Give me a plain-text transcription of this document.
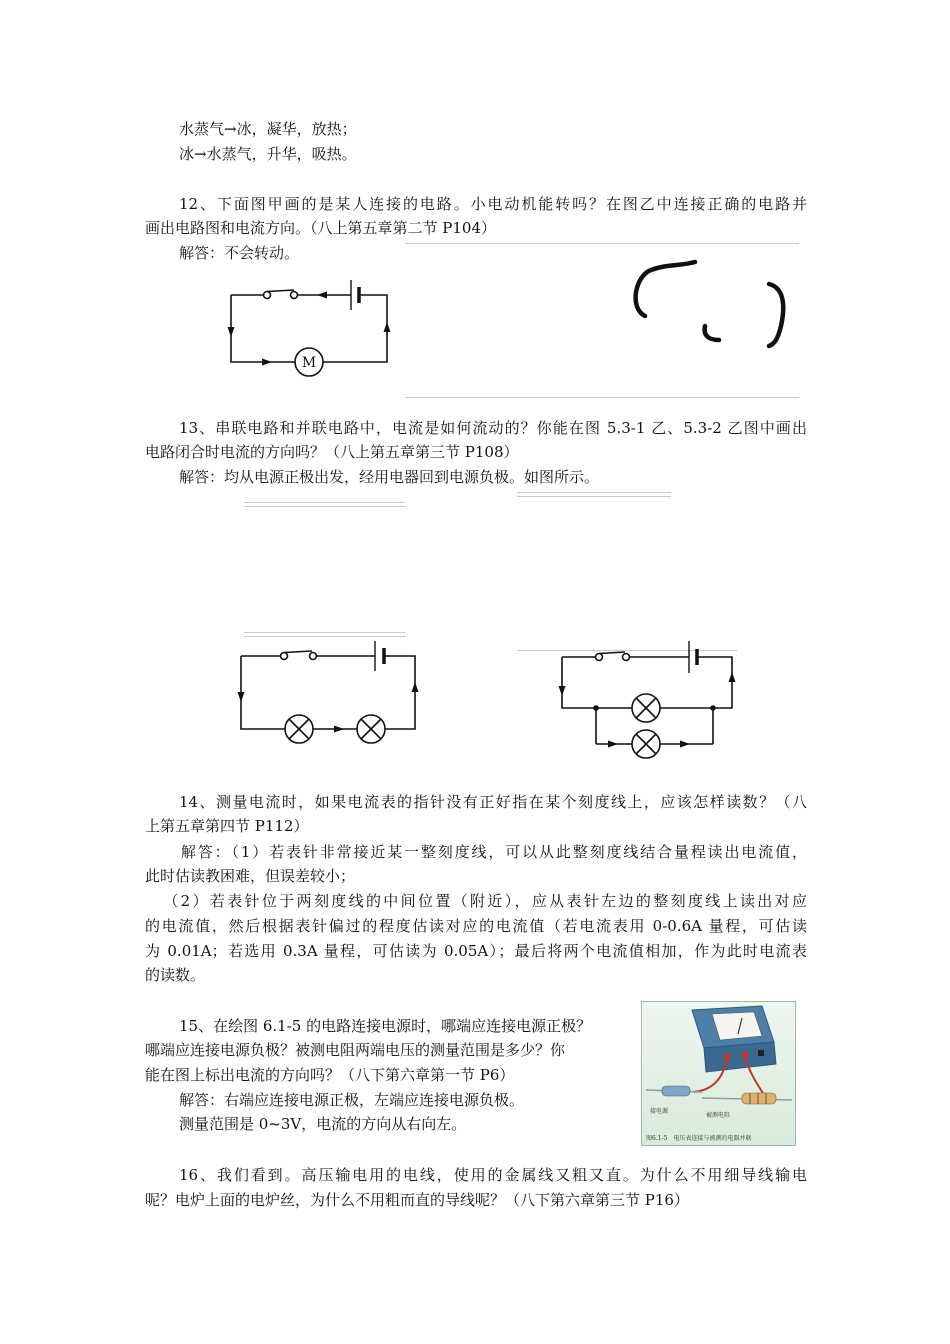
水蒸气→冰，凝华，放热；
冰→水蒸气，升华，吸热。
12、下面图甲画的是某人连接的电路。小电动机能转吗？在图乙中连接正确的电路并
画出电路图和电流方向。（八上第五章第二节 P104）
解答：不会转动。
13、串联电路和并联电路中，电流是如何流动的？你能在图 5.3-1 乙、5.3-2 乙图中画出
电路闭合时电流的方向吗？（八上第五章第三节 P108）
解答：均从电源正极出发，经用电器回到电源负极。如图所示。
14、测量电流时，如果电流表的指针没有正好指在某个刻度线上，应该怎样读数？（八
上第五章第四节 P112）
解答：（1）若表针非常接近某一整刻度线，可以从此整刻度线结合量程读出电流值，
此时估读教困难，但误差较小；
（2）若表针位于两刻度线的中间位置（附近），应从表针左边的整刻度线上读出对应
的电流值，然后根据表针偏过的程度估读对应的电流值（若电流表用 0-0.6A 量程，可估读
为 0.01A；若选用 0.3A 量程，可估读为 0.05A）；最后将两个电流值相加，作为此时电流表
的读数。
15、在绘图 6.1-5 的电路连接电源时，哪端应连接电源正极？
哪端应连接电源负极？被测电阻两端电压的测量范围是多少？你
能在图上标出电流的方向吗？（八下第六章第一节 P6）
解答：右端应连接电源正极，左端应连接电源负极。
测量范围是 0~3V，电流的方向从右向左。
16、我们看到。高压输电用的电线，使用的金属线又粗又直。为什么不用细导线输电
呢？电炉上面的电炉丝，为什么不用粗而直的导线呢？（八下第六章第三节 P16）
M
接电源
被测电阻
图6.1-5　电压表连接与被测的电器并联
